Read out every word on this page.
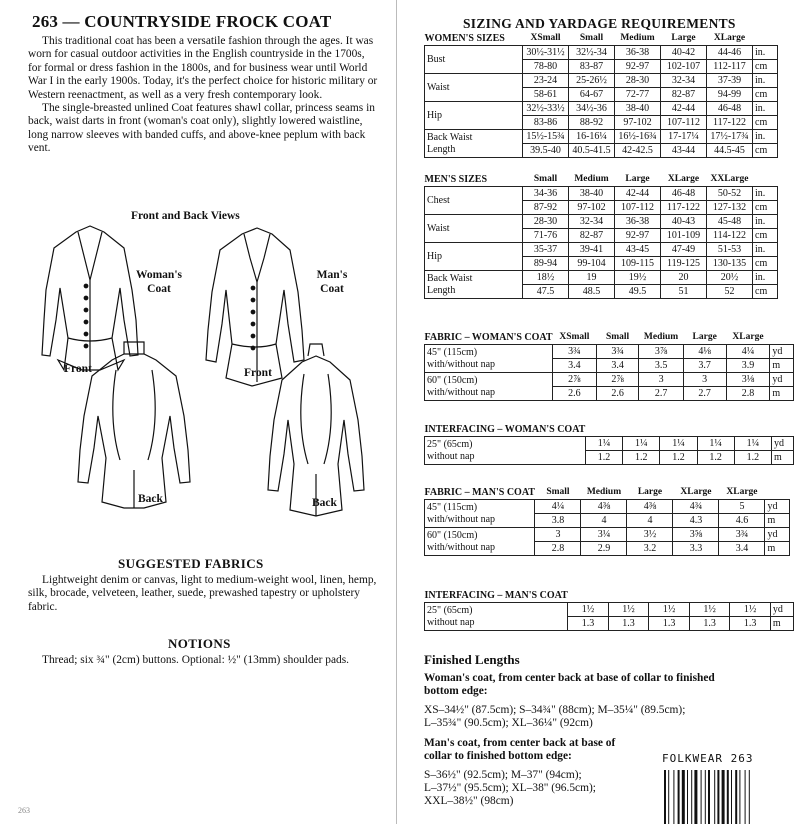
263 — COUNTRYSIDE FROCK COAT

This traditional coat has been a versatile fashion through the ages. It was worn for casual outdoor activities in the English countryside in the 1700s, for formal or dress fashion in the 1800s, and for business wear until World War I in the early 1900s. Today, it's the perfect choice for historic military or Western reenactment, as well as a very fresh contemporary look.

The single-breasted unlined Coat features shawl collar, princess seams in back, waist darts in front (woman's coat only), slightly lowered waistline, long narrow sleeves with banded cuffs, and above-knee peplum with back vent.

Front and Back Views
Woman's
Coat
Man's
Coat
Front	Front
Back	Back
SUGGESTED FABRICS

Lightweight denim or canvas, light to medium-weight wool, linen, hemp, silk, brocade, velveteen, leather, suede, prewashed tapestry or upholstery fabric.

NOTIONS

Thread; six ¾" (2cm) buttons. Optional: ½" (13mm) shoulder pads.

263
SIZING AND YARDAGE REQUIREMENTS
WOMEN'S SIZES	XSmall	Small	Medium	Large	XLarge	

Bust	30½-31½	32½-34	36-38	40-42	44-46	in.
	78-80	83-87	92-97	102-107	112-117	cm

Waist	23-24	25-26½	28-30	32-34	37-39	in.
	58-61	64-67	72-77	82-87	94-99	cm

Hip	32½-33½	34½-36	38-40	42-44	46-48	in.
	83-86	88-92	97-102	107-112	117-122	cm

Back Waist
Length	15½-15¾	16-16¼	16½-16¾	17-17¼	17½-17¾	in.
	39.5-40	40.5-41.5	42-42.5	43-44	44.5-45	cm
MEN'S SIZES	Small	Medium	Large	XLarge	XXLarge	

Chest	34-36	38-40	42-44	46-48	50-52	in.
	87-92	97-102	107-112	117-122	127-132	cm

Waist	28-30	32-34	36-38	40-43	45-48	in.
	71-76	82-87	92-97	101-109	114-122	cm

Hip	35-37	39-41	43-45	47-49	51-53	in.
	89-94	99-104	109-115	119-125	130-135	cm

Back Waist
Length	18½	19	19½	20	20½	in.
	47.5	48.5	49.5	51	52	cm
FABRIC – WOMAN'S COAT	XSmall	Small	Medium	Large	XLarge	

45" (115cm)
with/without nap	3¾	3¾	3⅞	4⅛	4¼	yd
	3.4	3.4	3.5	3.7	3.9	m

60" (150cm)
with/without nap	2⅞	2⅞	3	3	3⅛	yd
	2.6	2.6	2.7	2.7	2.8	m
INTERFACING – WOMAN'S COAT						

25" (65cm)
without nap	1¼	1¼	1¼	1¼	1¼	yd
	1.2	1.2	1.2	1.2	1.2	m
FABRIC – MAN'S COAT	Small	Medium	Large	XLarge	XLarge	

45" (115cm)
with/without nap	4¼	4⅜	4⅜	4¾	5	yd
	3.8	4	4	4.3	4.6	m

60" (150cm)
with/without nap	3	3¼	3½	3⅝	3¾	yd
	2.8	2.9	3.2	3.3	3.4	m
INTERFACING – MAN'S COAT						

25" (65cm)
without nap	1½	1½	1½	1½	1½	yd
	1.3	1.3	1.3	1.3	1.3	m
Finished Lengths
Woman's coat, from center back at base of collar to finished bottom edge:
XS–34½" (87.5cm); S–34¾" (88cm); M–35¼" (89.5cm);
L–35¾" (90.5cm); XL–36¼" (92cm)
Man's coat, from center back at base of collar to finished bottom edge:
S–36½" (92.5cm); M–37" (94cm);
L–37½" (95.5cm); XL–38" (96.5cm);
XXL–38½" (98cm)
FOLKWEAR 263
